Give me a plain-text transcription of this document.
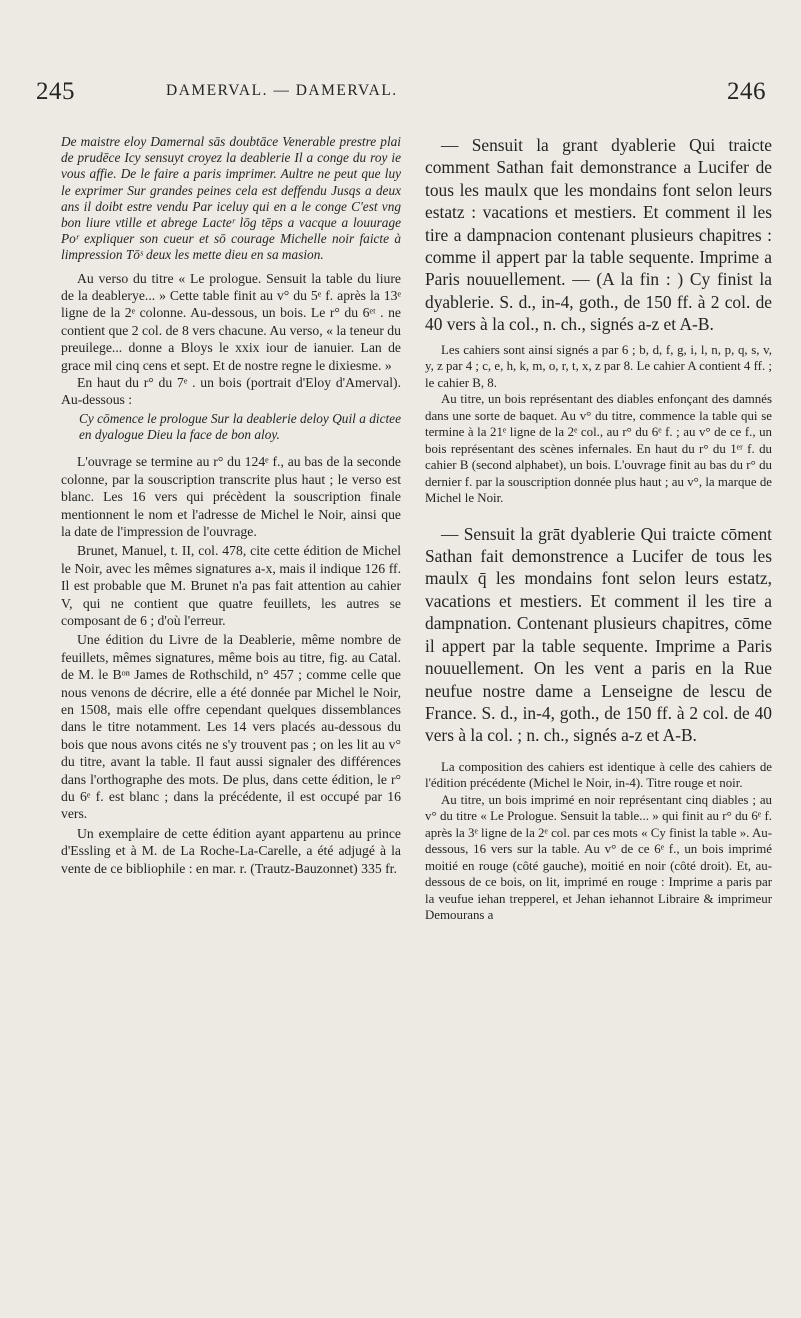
245	DAMERVAL. — DAMERVAL.	246

De maistre eloy Damernal sās doubtāce Venerable prestre plai de prudēce Icy sensuyt croyez la deablerie Il a conge du roy ie vous affie. De le faire a paris imprimer. Aultre ne peut que luy le exprimer Sur grandes peines cela est deffendu Jusqs a deux ans il doibt estre vendu Par iceluy qui en a le conge C'est vng bon liure vtille et abrege Lacteʳ lōg tēps a vacque a louurage Poʳ expliquer son cueur et sō courage Michelle noir faicte à limpression Tōˢ deux les mette dieu en sa masion.

Au verso du titre « Le prologue. Sensuit la table du liure de la deablerye... » Cette table finit au v° du 5ᵉ f. après la 13ᵉ ligne de la 2ᵉ colonne. Au-dessous, un bois. Le r° du 6ᵉᵗ . ne contient que 2 col. de 8 vers chacune. Au verso, « la teneur du preuilege... donne a Bloys le xxix iour de ianuier. Lan de grace mil cinq cens et sept. Et de nostre regne le dixiesme. »

En haut du r° du 7ᵉ . un bois (portrait d'Eloy d'Amerval). Au-dessous :

Cy cōmence le prologue Sur la deablerie deloy Quil a dictee en dyalogue Dieu la face de bon aloy.

L'ouvrage se termine au r° du 124ᵉ f., au bas de la seconde colonne, par la souscription transcrite plus haut ; le verso est blanc. Les 16 vers qui précèdent la souscription finale mentionnent le nom et l'adresse de Michel le Noir, ainsi que la date de l'impression de l'ouvrage.

Brunet, Manuel, t. II, col. 478, cite cette édition de Michel le Noir, avec les mêmes signatures a-x, mais il indique 126 ff. Il est probable que M. Brunet n'a pas fait attention au cahier V, qui ne contient que quatre feuillets, les autres se composant de 6 ; d'où l'erreur.

Une édition du Livre de la Deablerie, même nombre de feuillets, mêmes signatures, même bois au titre, fig. au Catal. de M. le Bᵒⁿ James de Rothschild, n° 457 ; comme celle que nous venons de décrire, elle a été donnée par Michel le Noir, en 1508, mais elle offre cependant quelques dissemblances dans le titre notamment. Les 14 vers placés au-dessous du bois que nous avons cités ne s'y trouvent pas ; on les lit au v° du titre, avant la table. Il faut aussi signaler des différences dans l'orthographe des mots. De plus, dans cette édition, le r° du 6ᵉ f. est blanc ; dans la précédente, il est occupé par 16 vers.

Un exemplaire de cette édition ayant appartenu au prince d'Essling et à M. de La Roche-La-Carelle, a été adjugé à la vente de ce bibliophile : en mar. r. (Trautz-Bauzonnet) 335 fr.

— Sensuit la grant dyablerie Qui traicte comment Sathan fait demonstrance a Lucifer de tous les maulx que les mondains font selon leurs estatz : vacations et mestiers. Et comment il les tire a dampnacion contenant plusieurs chapitres : comme il appert par la table sequente. Imprime a Paris nouuellement. — (A la fin : ) Cy finist la dyablerie. S. d., in-4, goth., de 150 ff. à 2 col. de 40 vers à la col., n. ch., signés a-z et A-B.

Les cahiers sont ainsi signés a par 6 ; b, d, f, g, i, l, n, p, q, s, v, y, z par 4 ; c, e, h, k, m, o, r, t, x, z par 8. Le cahier A contient 4 ff. ; le cahier B, 8.

Au titre, un bois représentant des diables enfonçant des damnés dans une sorte de baquet. Au v° du titre, commence la table qui se termine à la 21ᵉ ligne de la 2ᵉ col., au r° du 6ᵉ f. ; au v° de ce f., un bois représentant des scènes infernales. En haut du r° du 1ᵉʳ f. du cahier B (second alphabet), un bois. L'ouvrage finit au bas du r° du dernier f. par la souscription donnée plus haut ; au v°, la marque de Michel le Noir.

— Sensuit la grāt dyablerie Qui traicte cōment Sathan fait demonstrence a Lucifer de tous les maulx q̄ les mondains font selon leurs estatz, vacations et mestiers. Et comment il les tire a dampnation. Contenant plusieurs chapitres, cōme il appert par la table sequente. Imprime a Paris nouuellement. On les vent a paris en la Rue neufue nostre dame a Lenseigne de lescu de France. S. d., in-4, goth., de 150 ff. à 2 col. de 40 vers à la col. ; n. ch., signés a-z et A-B.

La composition des cahiers est identique à celle des cahiers de l'édition précédente (Michel le Noir, in-4). Titre rouge et noir.

Au titre, un bois imprimé en noir représentant cinq diables ; au v° du titre « Le Prologue. Sensuit la table... » qui finit au r° du 6ᵉ f. après la 3ᵉ ligne de la 2ᵉ col. par ces mots « Cy finist la table ». Au-dessous, 16 vers sur la table. Au v° de ce 6ᵉ f., un bois imprimé moitié en rouge (côté gauche), moitié en noir (côté droit). Et, au-dessous de ce bois, on lit, imprimé en rouge : Imprime a paris par la veufue iehan trepperel, et Jehan iehannot Libraire & imprimeur Demourans a
